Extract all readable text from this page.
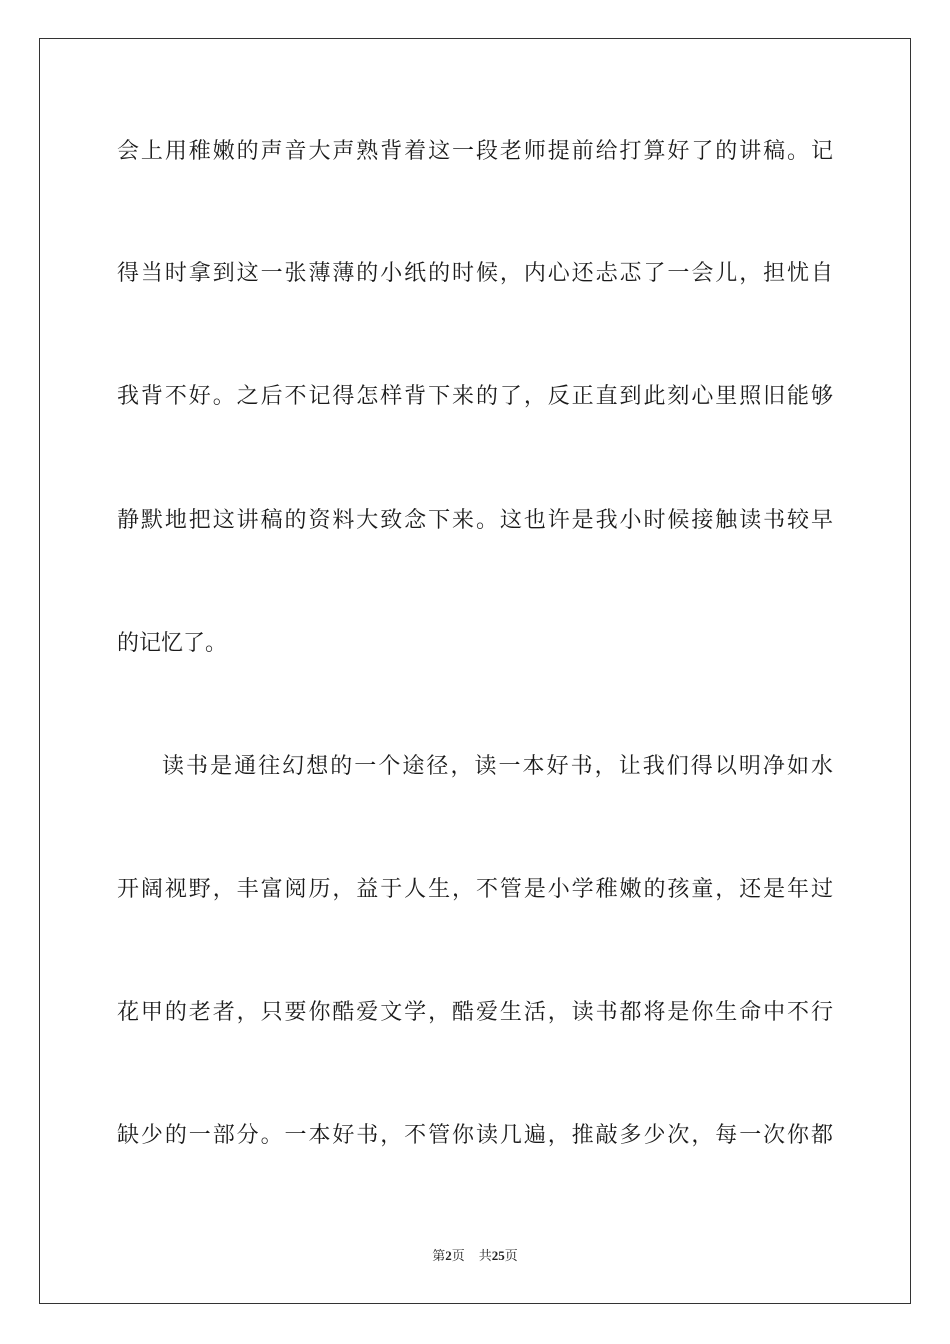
会上用稚嫩的声音大声熟背着这一段老师提前给打算好了的讲稿。记
得当时拿到这一张薄薄的小纸的时候，内心还忐忑了一会儿，担忧自
我背不好。之后不记得怎样背下来的了，反正直到此刻心里照旧能够
静默地把这讲稿的资料大致念下来。这也许是我小时候接触读书较早
的记忆了。
读书是通往幻想的一个途径，读一本好书，让我们得以明净如水
开阔视野，丰富阅历，益于人生，不管是小学稚嫩的孩童，还是年过
花甲的老者，只要你酷爱文学，酷爱生活，读书都将是你生命中不行
缺少的一部分。一本好书，不管你读几遍，推敲多少次，每一次你都
第2页 共25页
